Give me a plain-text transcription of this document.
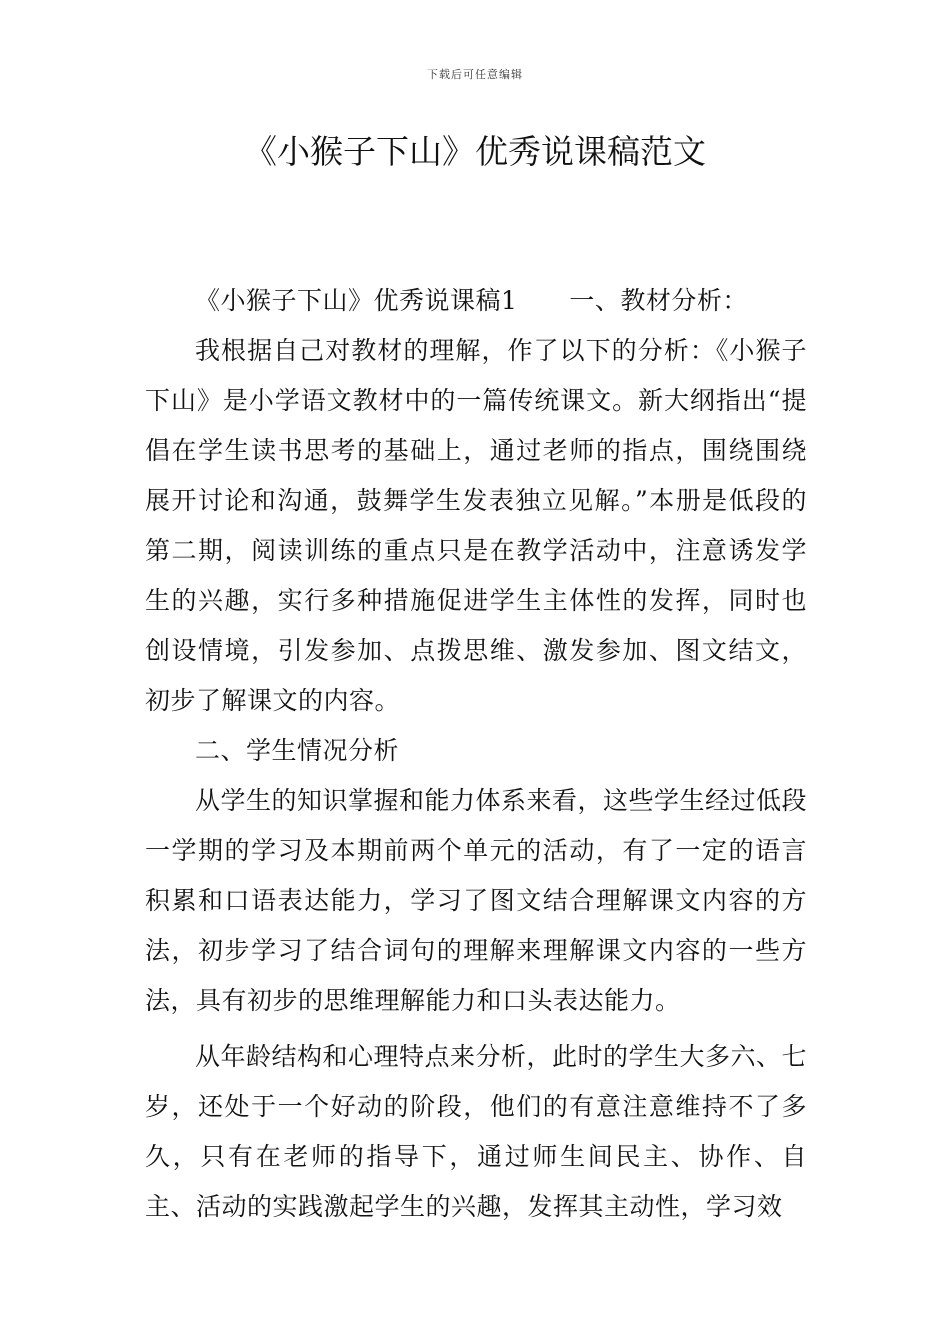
下载后可任意编辑
《小猴子下山》优秀说课稿范文

《小猴子下山》优秀说课稿1 一、教材分析：

我根据自己对教材的理解，作了以下的分析：《小猴子下山》是小学语文教材中的一篇传统课文。新大纲指出“提倡在学生读书思考的基础上，通过老师的指点，围绕围绕展开讨论和沟通，鼓舞学生发表独立见解。”本册是低段的第二期，阅读训练的重点只是在教学活动中，注意诱发学生的兴趣，实行多种措施促进学生主体性的发挥，同时也创设情境，引发参加、点拨思维、激发参加、图文结文，初步了解课文的内容。

二、学生情况分析

从学生的知识掌握和能力体系来看，这些学生经过低段一学期的学习及本期前两个单元的活动，有了一定的语言积累和口语表达能力，学习了图文结合理解课文内容的方法，初步学习了结合词句的理解来理解课文内容的一些方法，具有初步的思维理解能力和口头表达能力。

从年龄结构和心理特点来分析，此时的学生大多六、七岁，还处于一个好动的阶段，他们的有意注意维持不了多久，只有在老师的指导下，通过师生间民主、协作、自主、活动的实践激起学生的兴趣，发挥其主动性，学习效
